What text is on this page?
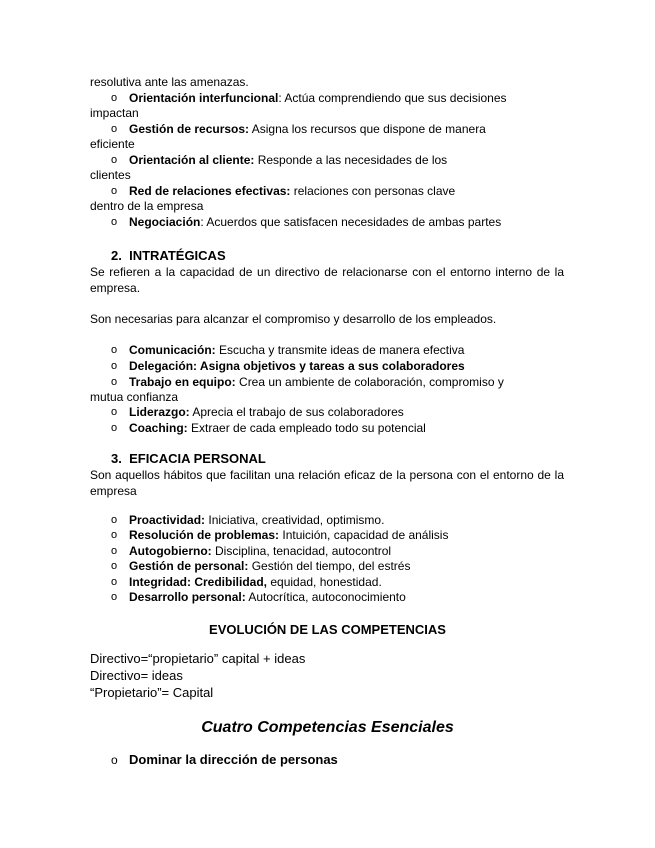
resolutiva ante las amenazas.
o Orientación interfuncional: Actúa comprendiendo que sus decisiones
impactan
o Gestión de recursos: Asigna los recursos que dispone de manera
eficiente
o Orientación al cliente: Responde a las necesidades de los
clientes
o Red de relaciones efectivas: relaciones con personas clave
dentro de la empresa
o Negociación: Acuerdos que satisfacen necesidades de ambas partes
2. INTRATÉGICAS
Se refieren a la capacidad de un directivo de relacionarse con el entorno interno de la empresa.
Son necesarias para alcanzar el compromiso y desarrollo de los empleados.
o Comunicación: Escucha y transmite ideas de manera efectiva
o Delegación: Asigna objetivos y tareas a sus colaboradores
o Trabajo en equipo: Crea un ambiente de colaboración, compromiso y
mutua confianza
o Liderazgo: Aprecia el trabajo de sus colaboradores
o Coaching: Extraer de cada empleado todo su potencial
3. EFICACIA PERSONAL
Son aquellos hábitos que facilitan una relación eficaz de la persona con el entorno de la empresa
o Proactividad: Iniciativa, creatividad, optimismo.
o Resolución de problemas: Intuición, capacidad de análisis
o Autogobierno: Disciplina, tenacidad, autocontrol
o Gestión de personal: Gestión del tiempo, del estrés
o Integridad: Credibilidad, equidad, honestidad.
o Desarrollo personal: Autocrítica, autoconocimiento
EVOLUCIÓN DE LAS COMPETENCIAS
Directivo=“propietario” capital + ideas
Directivo= ideas
“Propietario”= Capital
Cuatro Competencias Esenciales
o Dominar la dirección de personas
